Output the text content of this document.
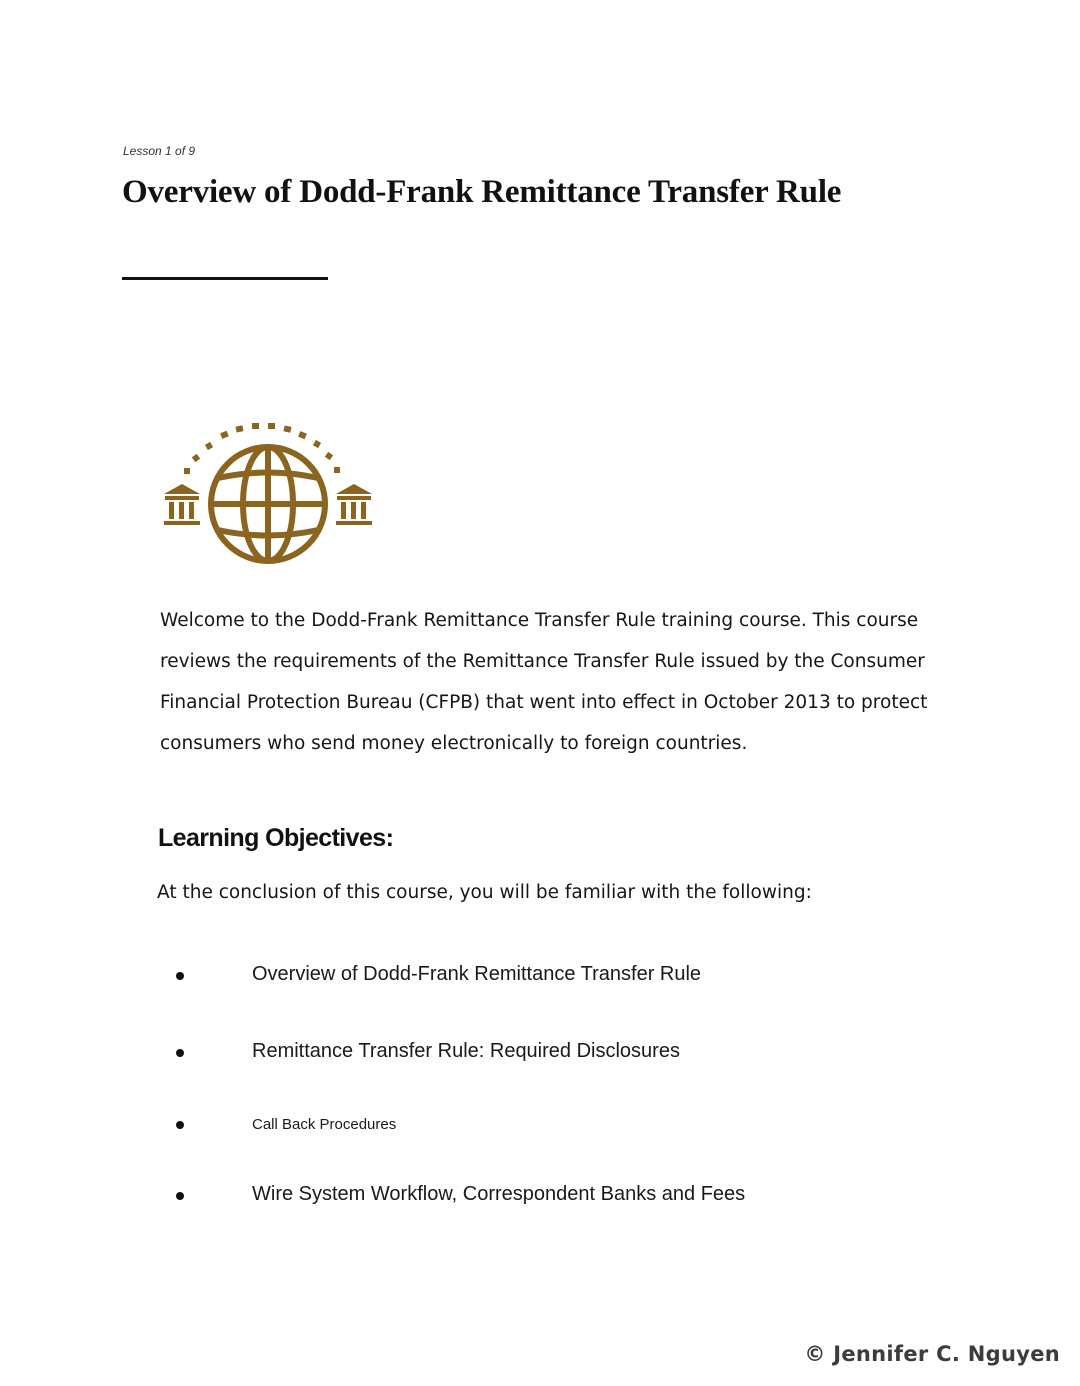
Lesson 1 of 9
Overview of Dodd-Frank Remittance Transfer Rule

Welcome to the Dodd-Frank Remittance Transfer Rule training course. This course reviews the requirements of the Remittance Transfer Rule issued by the Consumer Financial Protection Bureau (CFPB) that went into effect in October 2013 to protect consumers who send money electronically to foreign countries.

Learning Objectives:

At the conclusion of this course, you will be familiar with the following:

Overview of Dodd-Frank Remittance Transfer Rule
Remittance Transfer Rule: Required Disclosures
Call Back Procedures
Wire System Workflow, Correspondent Banks and Fees
© Jennifer C. Nguyen
